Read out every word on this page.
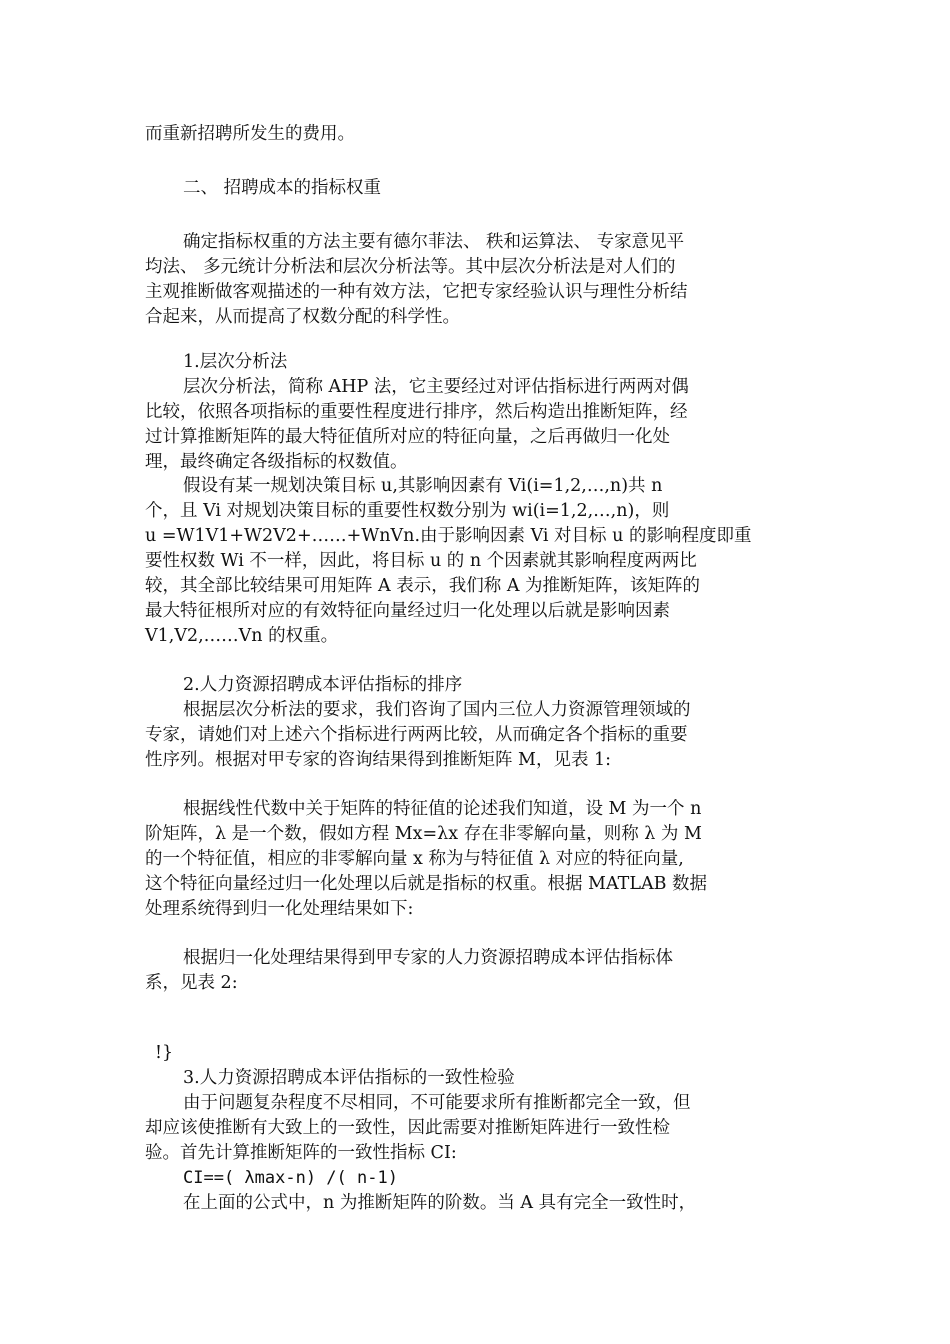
而重新招聘所发生的费用。
二、 招聘成本的指标权重
确定指标权重的方法主要有德尔菲法、 秩和运算法、 专家意见平
均法、 多元统计分析法和层次分析法等。其中层次分析法是对人们的
主观推断做客观描述的一种有效方法，它把专家经验认识与理性分析结
合起来，从而提高了权数分配的科学性。
1.层次分析法
层次分析法，简称 AHP 法，它主要经过对评估指标进行两两对偶
比较，依照各项指标的重要性程度进行排序，然后构造出推断矩阵，经
过计算推断矩阵的最大特征值所对应的特征向量，之后再做归一化处
理，最终确定各级指标的权数值。
假设有某一规划决策目标 u,其影响因素有 Vi(i=1,2,…,n)共 n
个，且 Vi 对规划决策目标的重要性权数分别为 wi(i=1,2,…,n)，则
u =W1V1+W2V2+……+WnVn.由于影响因素 Vi 对目标 u 的影响程度即重
要性权数 Wi 不一样，因此，将目标 u 的 n 个因素就其影响程度两两比
较，其全部比较结果可用矩阵 A 表示，我们称 A 为推断矩阵，该矩阵的
最大特征根所对应的有效特征向量经过归一化处理以后就是影响因素
V1,V2,……Vn 的权重。
2.人力资源招聘成本评估指标的排序
根据层次分析法的要求，我们咨询了国内三位人力资源管理领域的
专家，请她们对上述六个指标进行两两比较，从而确定各个指标的重要
性序列。根据对甲专家的咨询结果得到推断矩阵 M，见表 1:
根据线性代数中关于矩阵的特征值的论述我们知道，设 M 为一个 n
阶矩阵，λ 是一个数，假如方程 Mx=λx 存在非零解向量，则称 λ 为 M
的一个特征值，相应的非零解向量 x 称为与特征值 λ 对应的特征向量,
这个特征向量经过归一化处理以后就是指标的权重。根据 MATLAB 数据
处理系统得到归一化处理结果如下:
根据归一化处理结果得到甲专家的人力资源招聘成本评估指标体
系，见表 2:
!}
3.人力资源招聘成本评估指标的一致性检验
由于问题复杂程度不尽相同，不可能要求所有推断都完全一致，但
却应该使推断有大致上的一致性，因此需要对推断矩阵进行一致性检
验。首先计算推断矩阵的一致性指标 CI:
CI==( λmax-n) /( n-1)
在上面的公式中，n 为推断矩阵的阶数。当 A 具有完全一致性时，
